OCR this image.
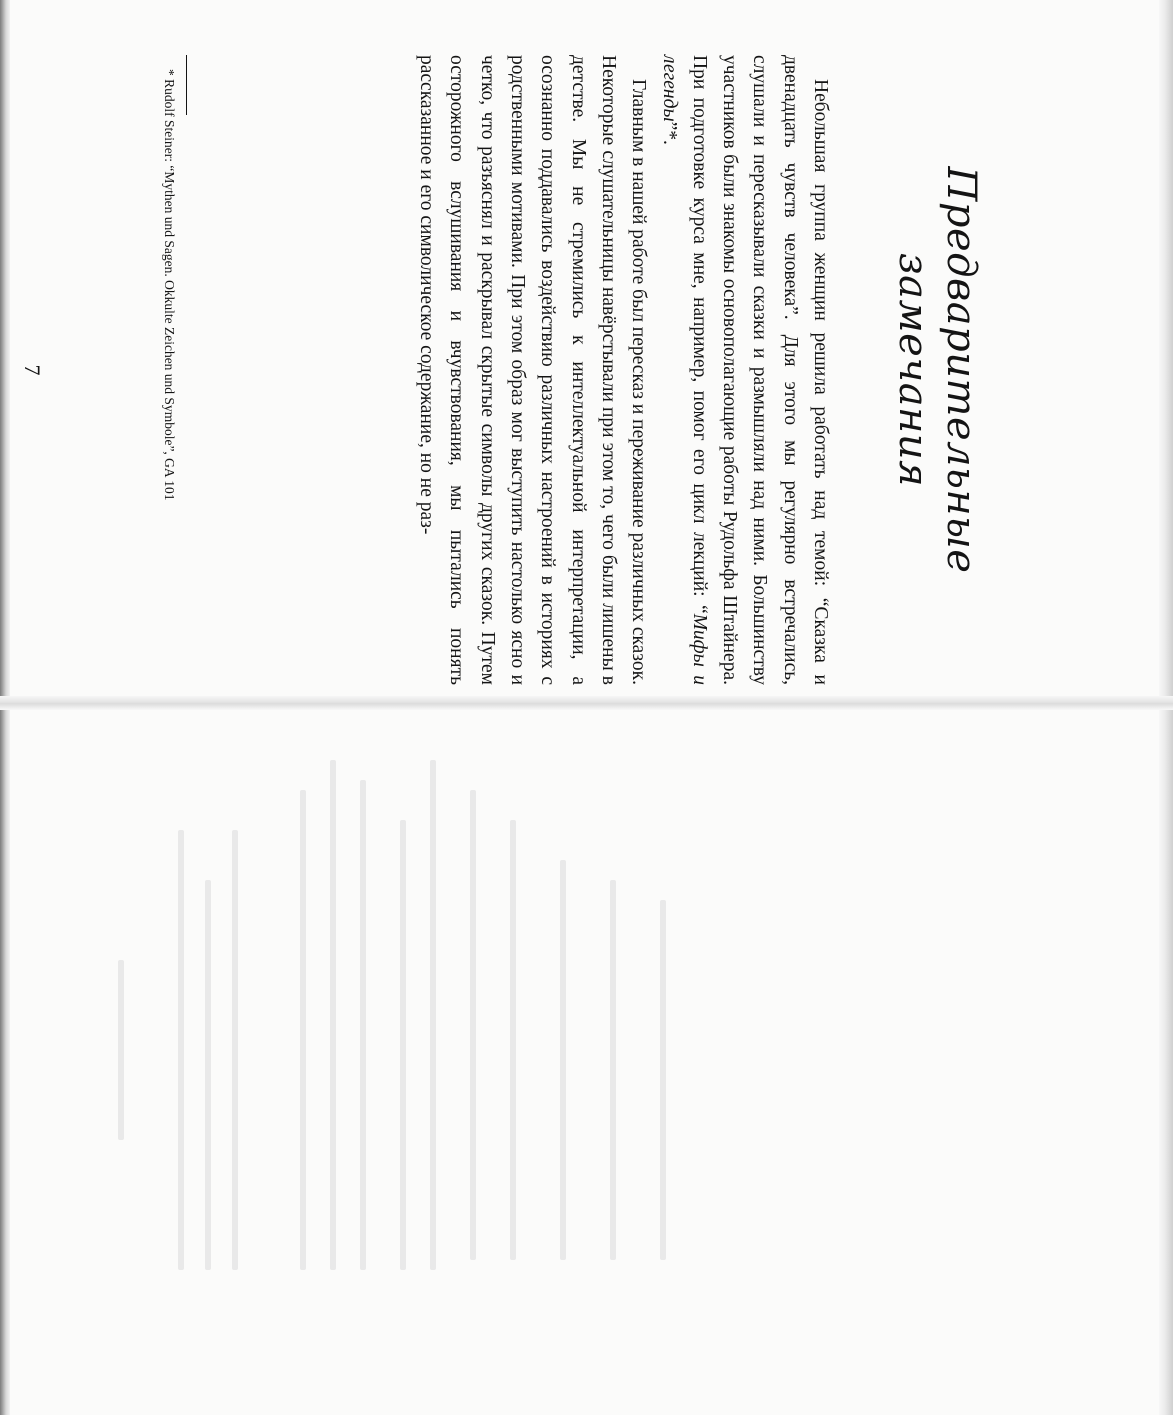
Предварительные
замечания

Небольшая группа женщин решила работать над темой: “Сказка и двенадцать чувств человека”. Для этого мы регулярно встречались, слушали и пересказывали сказки и размышляли над ними. Большинству участников были знакомы основополагающие работы Рудольфа Штайнера. При подготовке курса мне, например, помог его цикл лекций: “Мифы и легенды”*.

Главным в нашей работе был пересказ и переживание различных сказок. Некоторые слушательницы навёрстывали при этом то, чего были лишены в детстве. Мы не стремились к интеллектуальной интерпретации, а осознанно поддавались воздействию различных настроений в историях с родственными мотивами. При этом образ мог выступить настолько ясно и четко, что разъяснял и раскрывал скрытые символы других сказок. Путем осторожного вслушивания и вчувствования, мы пытались понять рассказанное и его символическое содержание, но не раз-

* Rudolf Steiner: “Mythen und Sagen. Okkulte Zeichen und Symbole”, GA 101
7
